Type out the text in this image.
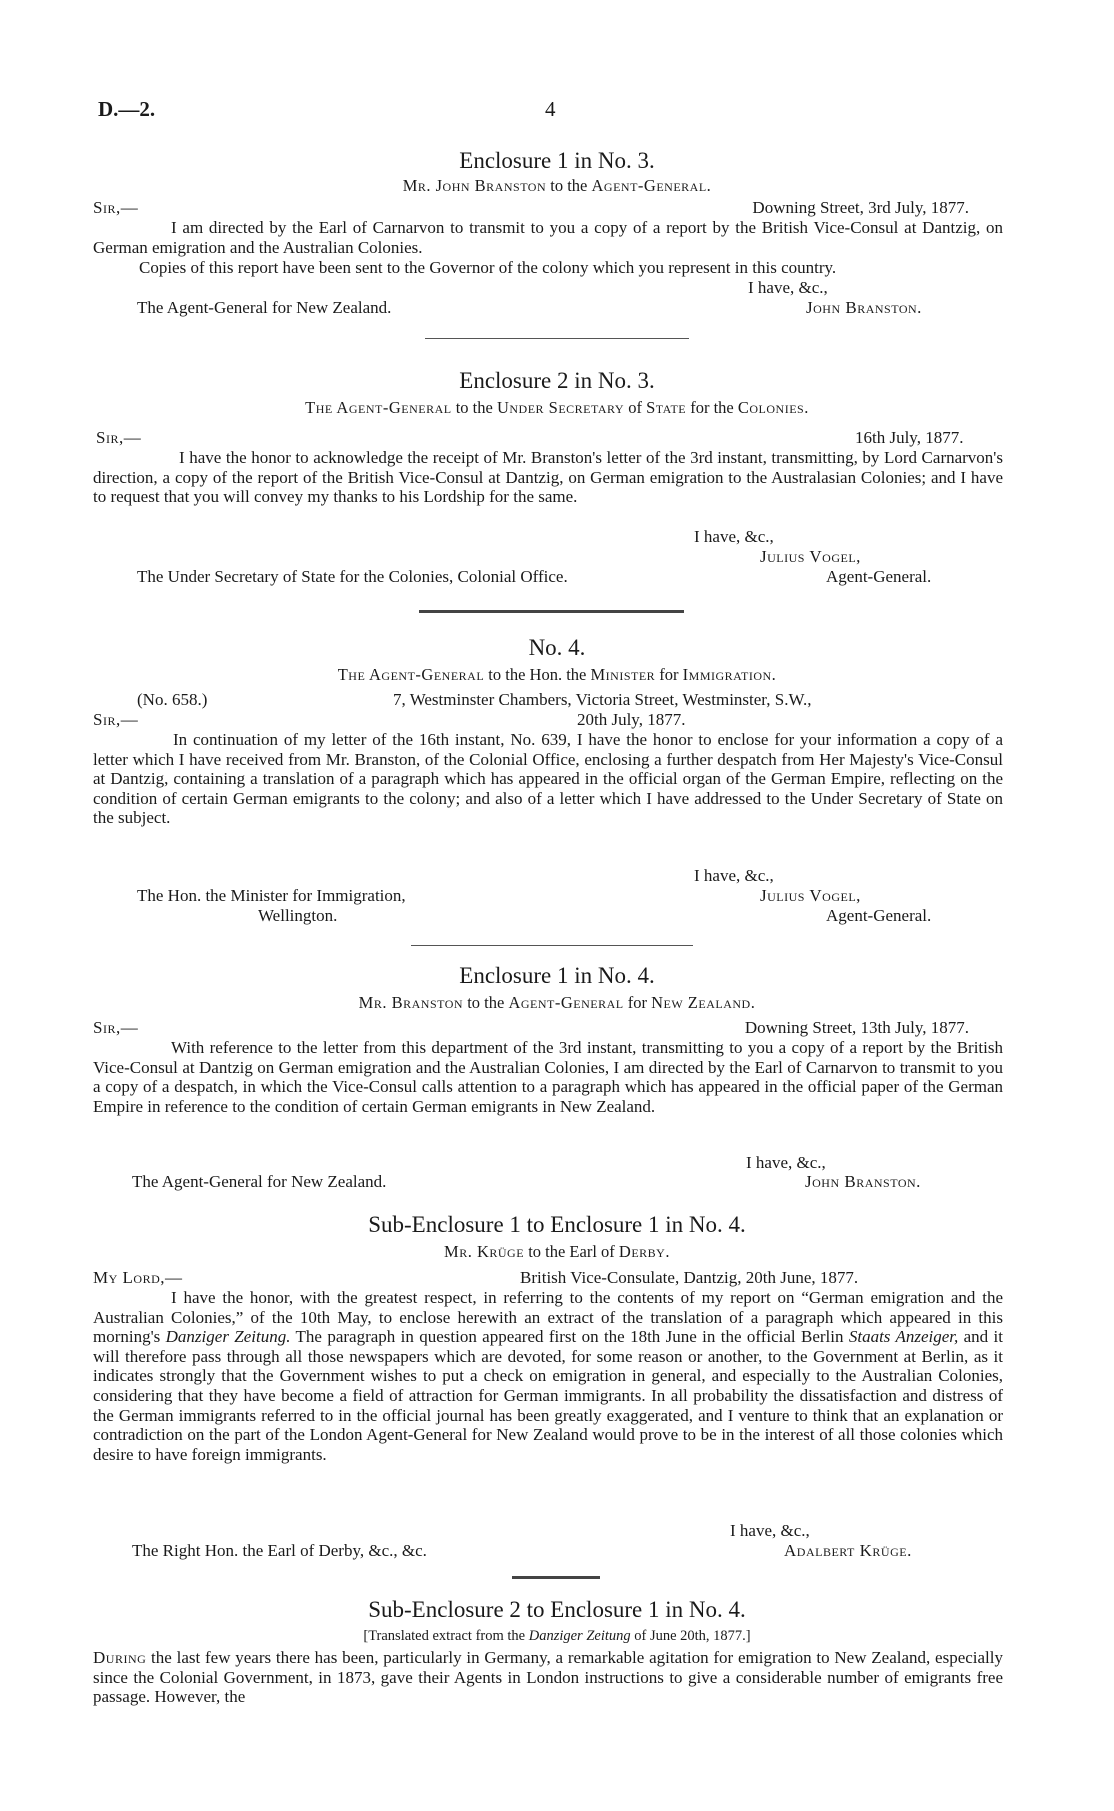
D.—2.	4
Enclosure 1 in No. 3.
Mr. John Branston to the Agent-General.
Sir,—	Downing Street, 3rd July, 1877.
I am directed by the Earl of Carnarvon to transmit to you a copy of a report by the British Vice-Consul at Dantzig, on German emigration and the Australian Colonies.
Copies of this report have been sent to the Governor of the colony which you represent in this country.
I have, &c.,
The Agent-General for New Zealand.	John Branston.
Enclosure 2 in No. 3.
The Agent-General to the Under Secretary of State for the Colonies.
Sir,—	16th July, 1877.
I have the honor to acknowledge the receipt of Mr. Branston's letter of the 3rd instant, transmitting, by Lord Carnarvon's direction, a copy of the report of the British Vice-Consul at Dantzig, on German emigration to the Australasian Colonies; and I have to request that you will convey my thanks to his Lordship for the same.
I have, &c.,
Julius Vogel,
The Under Secretary of State for the Colonies, Colonial Office.	Agent-General.
No. 4.
The Agent-General to the Hon. the Minister for Immigration.
(No. 658.)	7, Westminster Chambers, Victoria Street, Westminster, S.W.,
Sir,—	20th July, 1877.
In continuation of my letter of the 16th instant, No. 639, I have the honor to enclose for your information a copy of a letter which I have received from Mr. Branston, of the Colonial Office, enclosing a further despatch from Her Majesty's Vice-Consul at Dantzig, containing a translation of a paragraph which has appeared in the official organ of the German Empire, reflecting on the condition of certain German emigrants to the colony; and also of a letter which I have addressed to the Under Secretary of State on the subject.
I have, &c.,
The Hon. the Minister for Immigration,	Julius Vogel,
Wellington.	Agent-General.
Enclosure 1 in No. 4.
Mr. Branston to the Agent-General for New Zealand.
Sir,—	Downing Street, 13th July, 1877.
With reference to the letter from this department of the 3rd instant, transmitting to you a copy of a report by the British Vice-Consul at Dantzig on German emigration and the Australian Colonies, I am directed by the Earl of Carnarvon to transmit to you a copy of a despatch, in which the Vice-Consul calls attention to a paragraph which has appeared in the official paper of the German Empire in reference to the condition of certain German emigrants in New Zealand.
I have, &c.,
The Agent-General for New Zealand.	John Branston.
Sub-Enclosure 1 to Enclosure 1 in No. 4.
Mr. Krüge to the Earl of Derby.
My Lord,—	British Vice-Consulate, Dantzig, 20th June, 1877.
I have the honor, with the greatest respect, in referring to the contents of my report on “German emigration and the Australian Colonies,” of the 10th May, to enclose herewith an extract of the translation of a paragraph which appeared in this morning's Danziger Zeitung. The paragraph in question appeared first on the 18th June in the official Berlin Staats Anzeiger, and it will therefore pass through all those newspapers which are devoted, for some reason or another, to the Government at Berlin, as it indicates strongly that the Government wishes to put a check on emigration in general, and especially to the Australian Colonies, considering that they have become a field of attraction for German immigrants. In all probability the dissatisfaction and distress of the German immigrants referred to in the official journal has been greatly exaggerated, and I venture to think that an explanation or contradiction on the part of the London Agent-General for New Zealand would prove to be in the interest of all those colonies which desire to have foreign immigrants.
I have, &c.,
The Right Hon. the Earl of Derby, &c., &c.	Adalbert Krüge.
Sub-Enclosure 2 to Enclosure 1 in No. 4.
[Translated extract from the Danziger Zeitung of June 20th, 1877.]
During the last few years there has been, particularly in Germany, a remarkable agitation for emigration to New Zealand, especially since the Colonial Government, in 1873, gave their Agents in London instructions to give a considerable number of emigrants free passage. However, the
